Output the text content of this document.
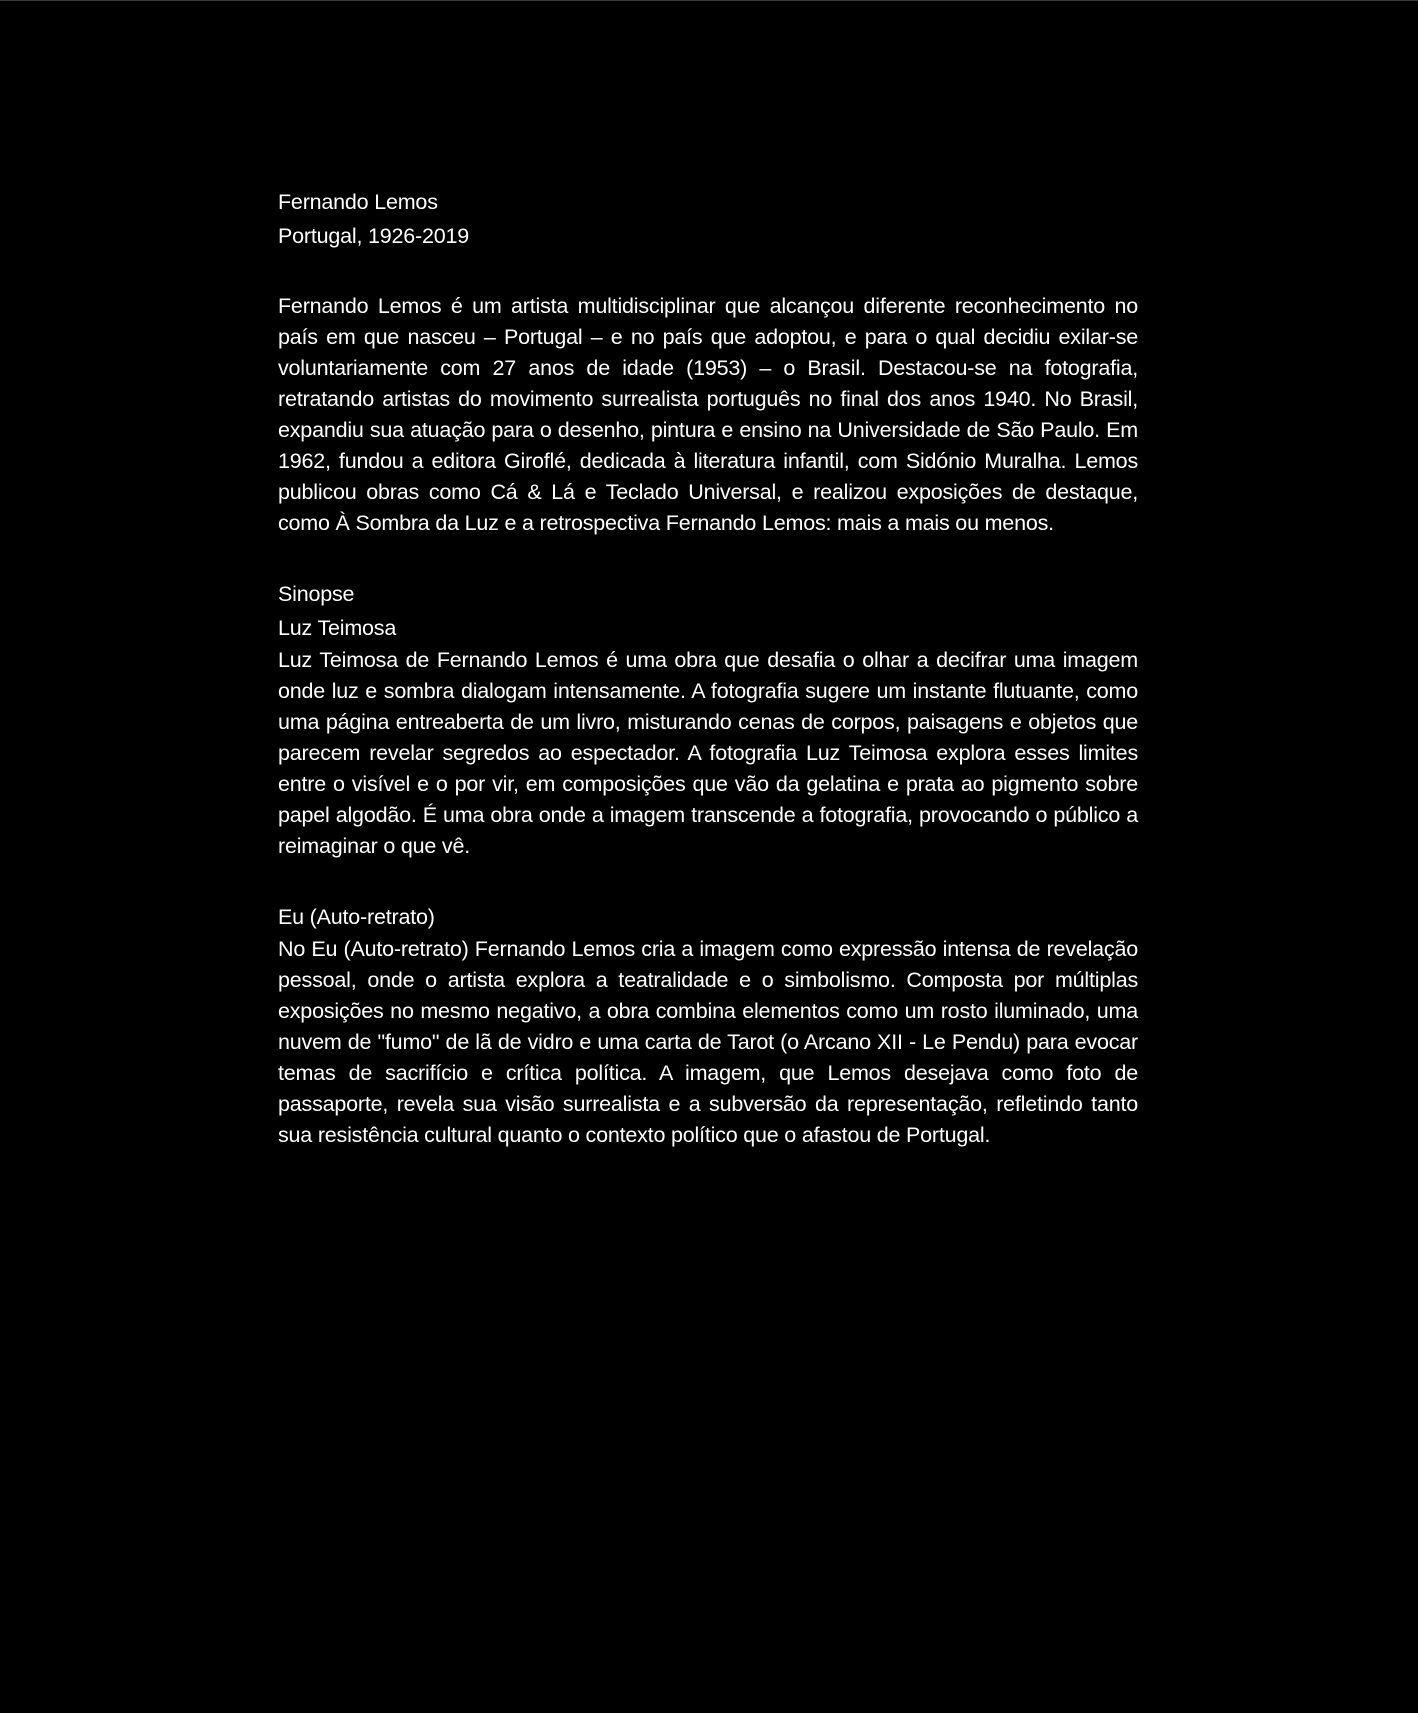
Fernando Lemos
Portugal, 1926-2019

Fernando Lemos é um artista multidisciplinar que alcançou diferente reconhecimento no país em que nasceu – Portugal – e no país que adoptou, e para o qual decidiu exilar-se voluntariamente com 27 anos de idade (1953) – o Brasil. Destacou-se na fotografia, retratando artistas do movimento surrealista português no final dos anos 1940. No Brasil, expandiu sua atuação para o desenho, pintura e ensino na Universidade de São Paulo. Em 1962, fundou a editora Giroflé, dedicada à literatura infantil, com Sidónio Muralha. Lemos publicou obras como Cá & Lá e Teclado Universal, e realizou exposições de destaque, como À Sombra da Luz e a retrospectiva Fernando Lemos: mais a mais ou menos.

Sinopse
Luz Teimosa

Luz Teimosa de Fernando Lemos é uma obra que desafia o olhar a decifrar uma imagem onde luz e sombra dialogam intensamente. A fotografia sugere um instante flutuante, como uma página entreaberta de um livro, misturando cenas de corpos, paisagens e objetos que parecem revelar segredos ao espectador. A fotografia Luz Teimosa explora esses limites entre o visível e o por vir, em composições que vão da gelatina e prata ao pigmento sobre papel algodão. É uma obra onde a imagem transcende a fotografia, provocando o público a reimaginar o que vê.

Eu (Auto-retrato)

No Eu (Auto-retrato) Fernando Lemos cria a imagem como expressão intensa de revelação pessoal, onde o artista explora a teatralidade e o simbolismo. Composta por múltiplas exposições no mesmo negativo, a obra combina elementos como um rosto iluminado, uma nuvem de "fumo" de lã de vidro e uma carta de Tarot (o Arcano XII - Le Pendu) para evocar temas de sacrifício e crítica política. A imagem, que Lemos desejava como foto de passaporte, revela sua visão surrealista e a subversão da representação, refletindo tanto sua resistência cultural quanto o contexto político que o afastou de Portugal.
